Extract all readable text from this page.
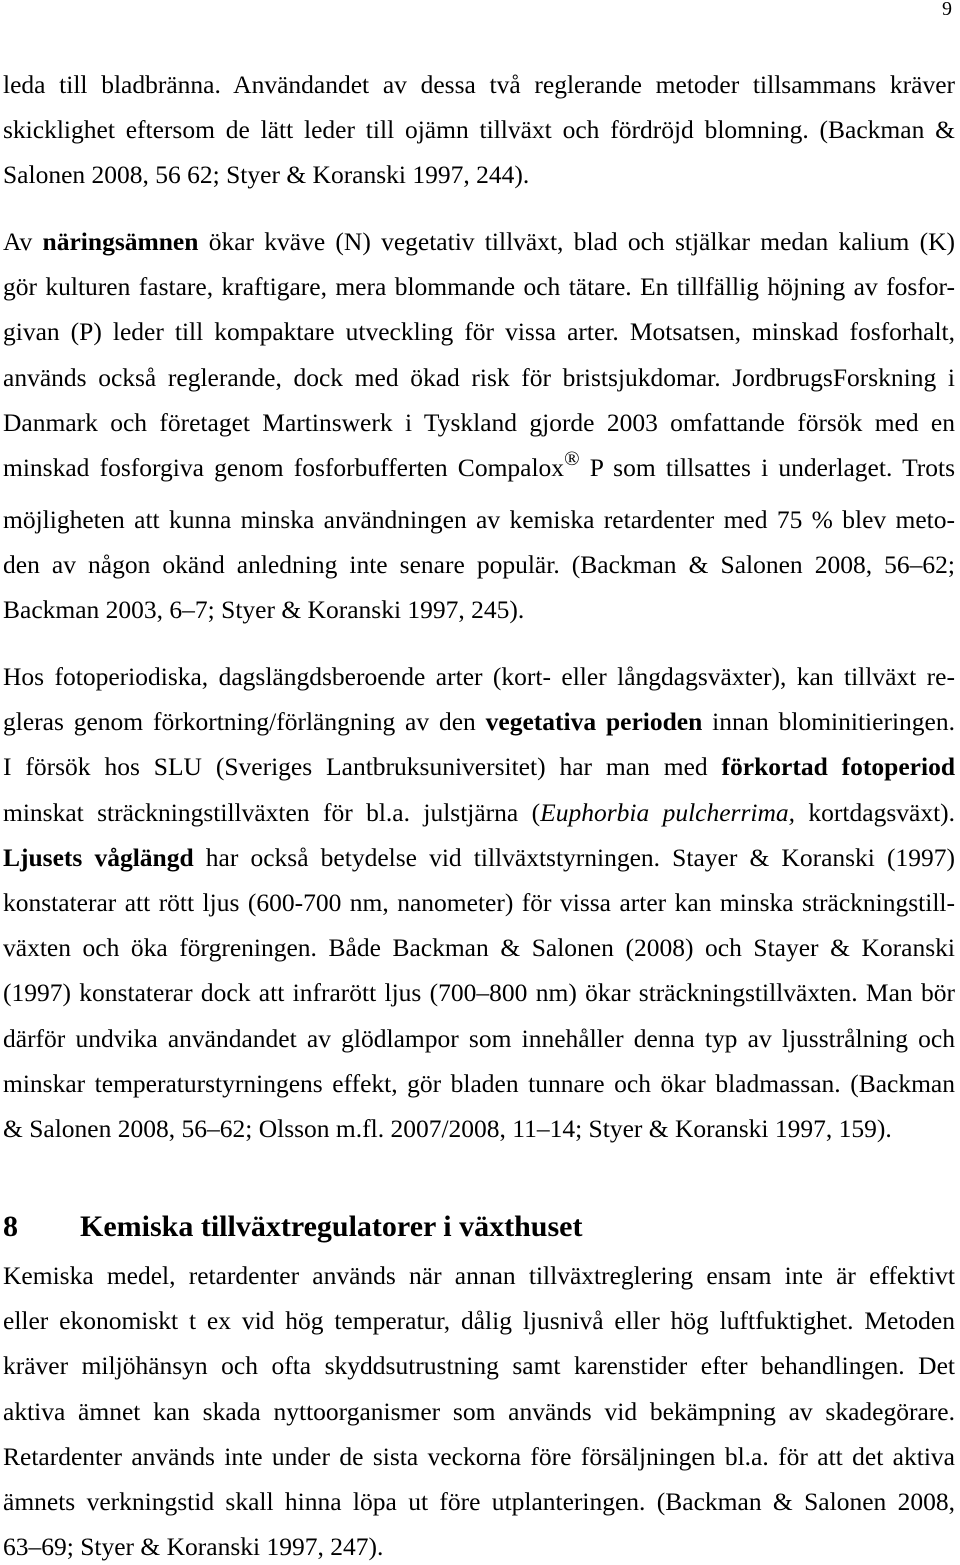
9
leda till bladbränna. Användandet av dessa två reglerande metoder tillsammans kräver
skicklighet eftersom de lätt leder till ojämn tillväxt och fördröjd blomning. (Backman &
Salonen 2008, 56 62; Styer & Koranski 1997, 244).
Av näringsämnen ökar kväve (N) vegetativ tillväxt, blad och stjälkar medan kalium (K)
gör kulturen fastare, kraftigare, mera blommande och tätare. En tillfällig höjning av fosfor-
givan (P) leder till kompaktare utveckling för vissa arter. Motsatsen, minskad fosforhalt,
används också reglerande, dock med ökad risk för bristsjukdomar. JordbrugsForskning i
Danmark och företaget Martinswerk i Tyskland gjorde 2003 omfattande försök med en
minskad fosforgiva genom fosforbufferten Compalox® P som tillsattes i underlaget. Trots
möjligheten att kunna minska användningen av kemiska retardenter med 75 % blev meto-
den av någon okänd anledning inte senare populär. (Backman & Salonen 2008, 56–62;
Backman 2003, 6–7; Styer & Koranski 1997, 245).
Hos fotoperiodiska, dagslängdsberoende arter (kort- eller långdagsväxter), kan tillväxt re-
gleras genom förkortning/förlängning av den vegetativa perioden innan blominitieringen.
I försök hos SLU (Sveriges Lantbruksuniversitet) har man med förkortad fotoperiod
minskat sträckningstillväxten för bl.a. julstjärna (Euphorbia pulcherrima, kortdagsväxt).
Ljusets våglängd har också betydelse vid tillväxtstyrningen. Stayer & Koranski (1997)
konstaterar att rött ljus (600-700 nm, nanometer) för vissa arter kan minska sträckningstill-
växten och öka förgreningen. Både Backman & Salonen (2008) och Stayer & Koranski
(1997) konstaterar dock att infrarött ljus (700–800 nm) ökar sträckningstillväxten. Man bör
därför undvika användandet av glödlampor som innehåller denna typ av ljusstrålning och
minskar temperaturstyrningens effekt, gör bladen tunnare och ökar bladmassan. (Backman
& Salonen 2008, 56–62; Olsson m.fl. 2007/2008, 11–14; Styer & Koranski 1997, 159).
8 Kemiska tillväxtregulatorer i växthuset
Kemiska medel, retardenter används när annan tillväxtreglering ensam inte är effektivt
eller ekonomiskt t ex vid hög temperatur, dålig ljusnivå eller hög luftfuktighet. Metoden
kräver miljöhänsyn och ofta skyddsutrustning samt karenstider efter behandlingen. Det
aktiva ämnet kan skada nyttoorganismer som används vid bekämpning av skadegörare.
Retardenter används inte under de sista veckorna före försäljningen bl.a. för att det aktiva
ämnets verkningstid skall hinna löpa ut före utplanteringen. (Backman & Salonen 2008,
63–69; Styer & Koranski 1997, 247).
